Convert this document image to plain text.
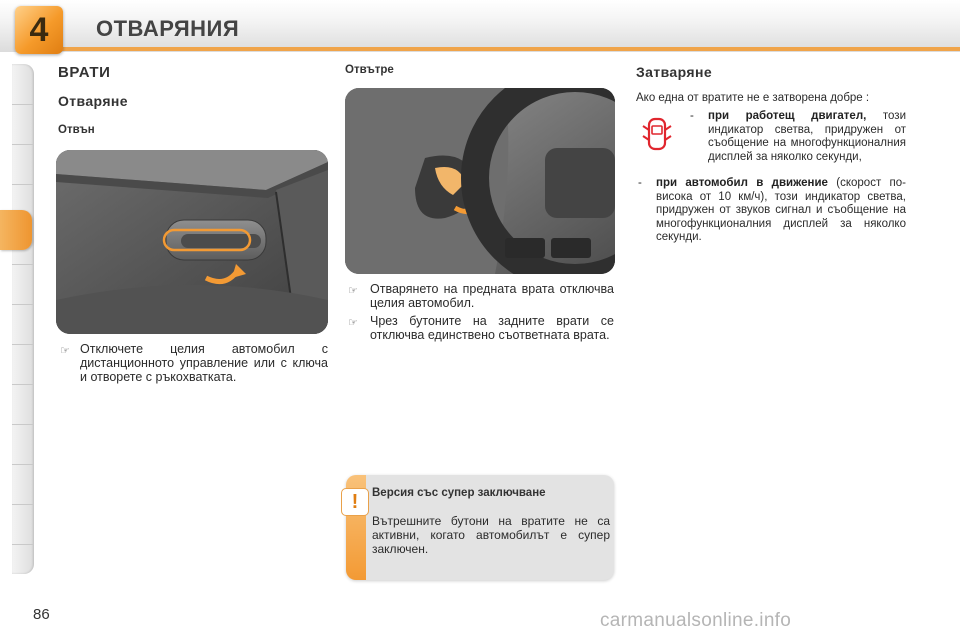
4	ОТВАРЯНИЯ
ВРАТИ
Отваряне
Отвън
☞ Отключете целия автомобил с дистанционното управление или с ключа и отворете с ръкохватката.
Отвътре
☞ Отварянето на предната врата отключва целия автомобил.
☞ Чрез бутоните на задните врати се отключва единствено съответната врата.
Затваряне
Ако една от вратите не е затворена добре :
- при работещ двигател, този индикатор светва, придружен от съобщение на многофункционалния дисплей за няколко секунди,
- при автомобил в движение (скорост по-висока от 10 км/ч), този индикатор светва, придружен от звуков сигнал и съобщение на многофункционалния дисплей за няколко секунди.
!	Версия със супер заключване
Вътрешните бутони на вратите не са активни, когато автомобилът е супер заключен.
86	carmanualsonline.info
